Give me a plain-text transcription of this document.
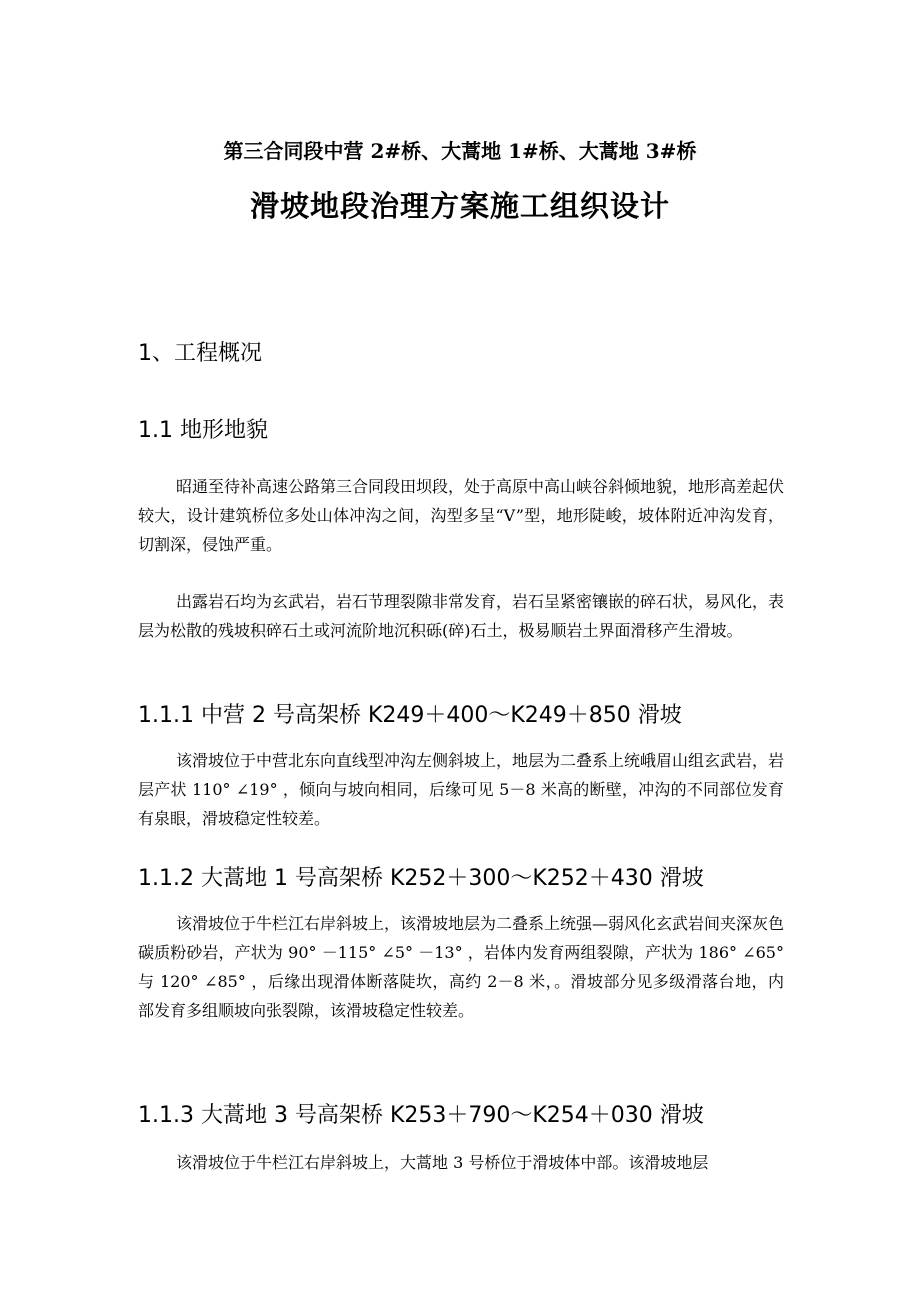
第三合同段中营 2#桥、大蒿地 1#桥、大蒿地 3#桥
滑坡地段治理方案施工组织设计
1、工程概况
1.1 地形地貌

昭通至待补高速公路第三合同段田坝段，处于高原中高山峡谷斜倾地貌，地形高差起伏较大，设计建筑桥位多处山体冲沟之间，沟型多呈“V”型，地形陡峻，坡体附近冲沟发育，切割深，侵蚀严重。

出露岩石均为玄武岩，岩石节理裂隙非常发育，岩石呈紧密镶嵌的碎石状，易风化，表层为松散的残坡积碎石土或河流阶地沉积砾(碎)石土，极易顺岩土界面滑移产生滑坡。

1.1.1 中营 2 号高架桥 K249＋400～K249＋850 滑坡

该滑坡位于中营北东向直线型冲沟左侧斜坡上，地层为二叠系上统峨眉山组玄武岩，岩层产状 110° ∠19° ，倾向与坡向相同，后缘可见 5－8 米高的断壁，冲沟的不同部位发育有泉眼，滑坡稳定性较差。

1.1.2 大蒿地 1 号高架桥 K252＋300～K252＋430 滑坡

该滑坡位于牛栏江右岸斜坡上，该滑坡地层为二叠系上统强—弱风化玄武岩间夹深灰色碳质粉砂岩，产状为 90° －115° ∠5° －13° ，岩体内发育两组裂隙，产状为 186° ∠65° 与 120° ∠85° ，后缘出现滑体断落陡坎，高约 2－8 米，。滑坡部分见多级滑落台地，内部发育多组顺坡向张裂隙，该滑坡稳定性较差。

1.1.3 大蒿地 3 号高架桥 K253＋790～K254＋030 滑坡

该滑坡位于牛栏江右岸斜坡上，大蒿地 3 号桥位于滑坡体中部。该滑坡地层
